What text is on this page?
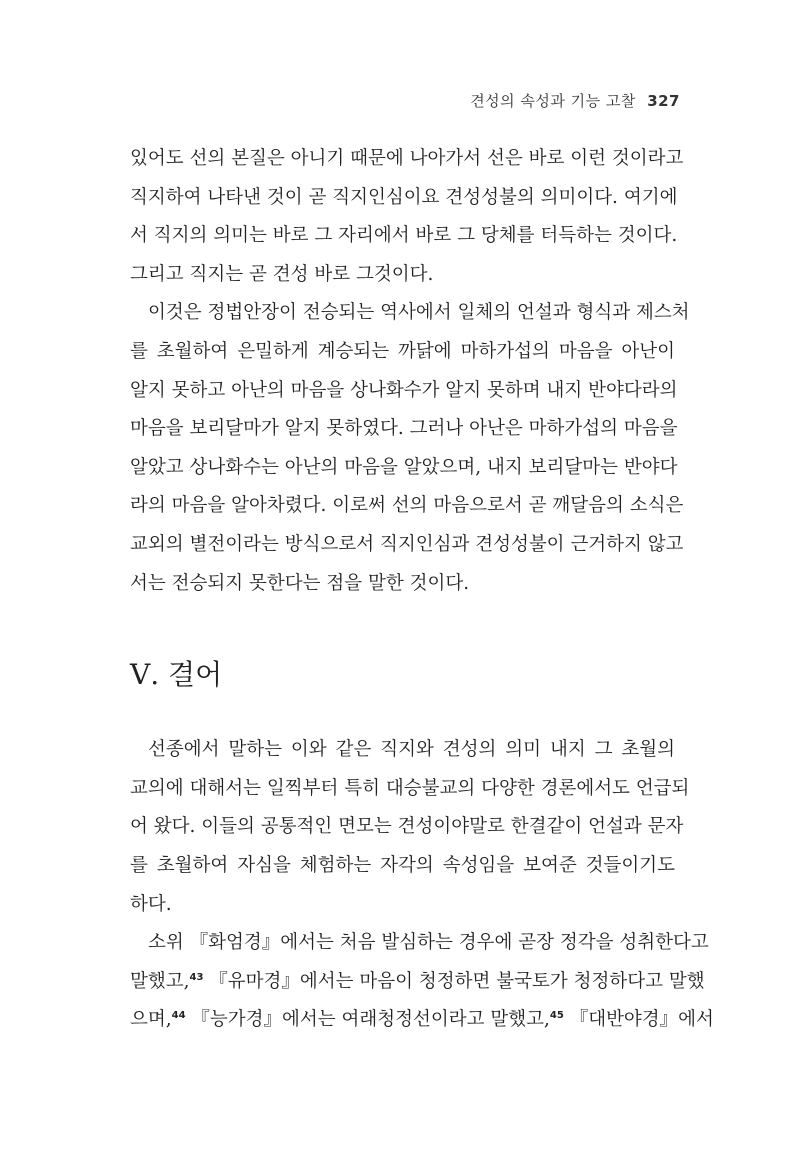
견성의 속성과 기능 고찰 327
있어도 선의 본질은 아니기 때문에 나아가서 선은 바로 이런 것이라고
직지하여 나타낸 것이 곧 직지인심이요 견성성불의 의미이다. 여기에
서 직지의 의미는 바로 그 자리에서 바로 그 당체를 터득하는 것이다.
그리고 직지는 곧 견성 바로 그것이다.
이것은 정법안장이 전승되는 역사에서 일체의 언설과 형식과 제스처
를 초월하여 은밀하게 계승되는 까닭에 마하가섭의 마음을 아난이
알지 못하고 아난의 마음을 상나화수가 알지 못하며 내지 반야다라의
마음을 보리달마가 알지 못하였다. 그러나 아난은 마하가섭의 마음을
알았고 상나화수는 아난의 마음을 알았으며, 내지 보리달마는 반야다
라의 마음을 알아차렸다. 이로써 선의 마음으로서 곧 깨달음의 소식은
교외의 별전이라는 방식으로서 직지인심과 견성성불이 근거하지 않고
서는 전승되지 못한다는 점을 말한 것이다.
Ⅴ. 결어
선종에서 말하는 이와 같은 직지와 견성의 의미 내지 그 초월의
교의에 대해서는 일찍부터 특히 대승불교의 다양한 경론에서도 언급되
어 왔다. 이들의 공통적인 면모는 견성이야말로 한결같이 언설과 문자
를 초월하여 자심을 체험하는 자각의 속성임을 보여준 것들이기도
하다.
소위 『화엄경』에서는 처음 발심하는 경우에 곧장 정각을 성취한다고
말했고,$^{43}$ 『유마경』에서는 마음이 청정하면 불국토가 청정하다고 말했
으며,$^{44}$ 『능가경』에서는 여래청정선이라고 말했고,$^{45}$ 『대반야경』에서
